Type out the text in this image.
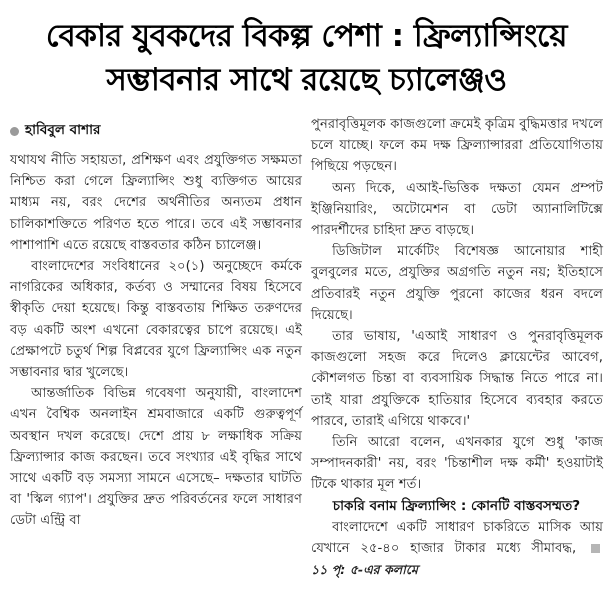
বেকার যুবকদের বিকল্প পেশা : ফ্রিল্যান্সিংয়ে
সম্ভাবনার সাথে রয়েছে চ্যালেঞ্জও
হাবিবুল বাশার

যথাযথ নীতি সহায়তা, প্রশিক্ষণ এবং প্রযুক্তিগত সক্ষমতা নিশ্চিত করা গেলে ফ্রিল্যান্সিং শুধু ব্যক্তিগত আয়ের মাধ্যম নয়, বরং দেশের অর্থনীতির অন্যতম প্রধান চালিকাশক্তিতে পরিণত হতে পারে। তবে এই সম্ভাবনার পাশাপাশি এতে রয়েছে বাস্তবতার কঠিন চ্যালেঞ্জ।

বাংলাদেশের সংবিধানের ২০(১) অনুচ্ছেদে কর্মকে নাগরিকের অধিকার, কর্তব্য ও সম্মানের বিষয় হিসেবে স্বীকৃতি দেয়া হয়েছে। কিন্তু বাস্তবতায় শিক্ষিত তরুণদের বড় একটি অংশ এখনো বেকারত্বের চাপে রয়েছে। এই প্রেক্ষাপটে চতুর্থ শিল্প বিপ্লবের যুগে ফ্রিল্যান্সিং এক নতুন সম্ভাবনার দ্বার খুলেছে।

আন্তর্জাতিক বিভিন্ন গবেষণা অনুযায়ী, বাংলাদেশ এখন বৈশ্বিক অনলাইন শ্রমবাজারে একটি গুরুত্বপূর্ণ অবস্থান দখল করেছে। দেশে প্রায় ৮ লক্ষাধিক সক্রিয় ফ্রিল্যান্সার কাজ করছেন। তবে সংখ্যার এই বৃদ্ধির সাথে সাথে একটি বড় সমস্যা সামনে এসেছে– দক্ষতার ঘাটতি বা 'স্কিল গ্যাপ'। প্রযুক্তির দ্রুত পরিবর্তনের ফলে সাধারণ ডেটা এন্ট্রি বা

পুনরাবৃত্তিমূলক কাজগুলো ক্রমেই কৃত্রিম বুদ্ধিমত্তার দখলে চলে যাচ্ছে। ফলে কম দক্ষ ফ্রিল্যান্সাররা প্রতিযোগিতায় পিছিয়ে পড়ছেন।

অন্য দিকে, এআই-ভিত্তিক দক্ষতা যেমন প্রম্পট ইঞ্জিনিয়ারিং, অটোমেশন বা ডেটা অ্যানালিটিক্সে পারদর্শীদের চাহিদা দ্রুত বাড়ছে।

ডিজিটাল মার্কেটিং বিশেষজ্ঞ আনোয়ার শাহী বুলবুলের মতে, প্রযুক্তির অগ্রগতি নতুন নয়; ইতিহাসে প্রতিবারই নতুন প্রযুক্তি পুরনো কাজের ধরন বদলে দিয়েছে।

তার ভাষায়, 'এআই সাধারণ ও পুনরাবৃত্তিমূলক কাজগুলো সহজ করে দিলেও ক্লায়েন্টের আবেগ, কৌশলগত চিন্তা বা ব্যবসায়িক সিদ্ধান্ত নিতে পারে না। তাই যারা প্রযুক্তিকে হাতিয়ার হিসেবে ব্যবহার করতে পারবে, তারাই এগিয়ে থাকবে।'

তিনি আরো বলেন, এখনকার যুগে শুধু 'কাজ সম্পাদনকারী' নয়, বরং 'চিন্তাশীল দক্ষ কর্মী' হওয়াটাই টিকে থাকার মূল শর্ত।

চাকরি বনাম ফ্রিল্যান্সিং : কোনটি বাস্তবসম্মত?

বাংলাদেশে একটি সাধারণ চাকরিতে মাসিক আয় যেখানে ২৫-৪০ হাজার টাকার মধ্যে সীমাবদ্ধ, ১১ পৃ: ৫-এর কলামে
